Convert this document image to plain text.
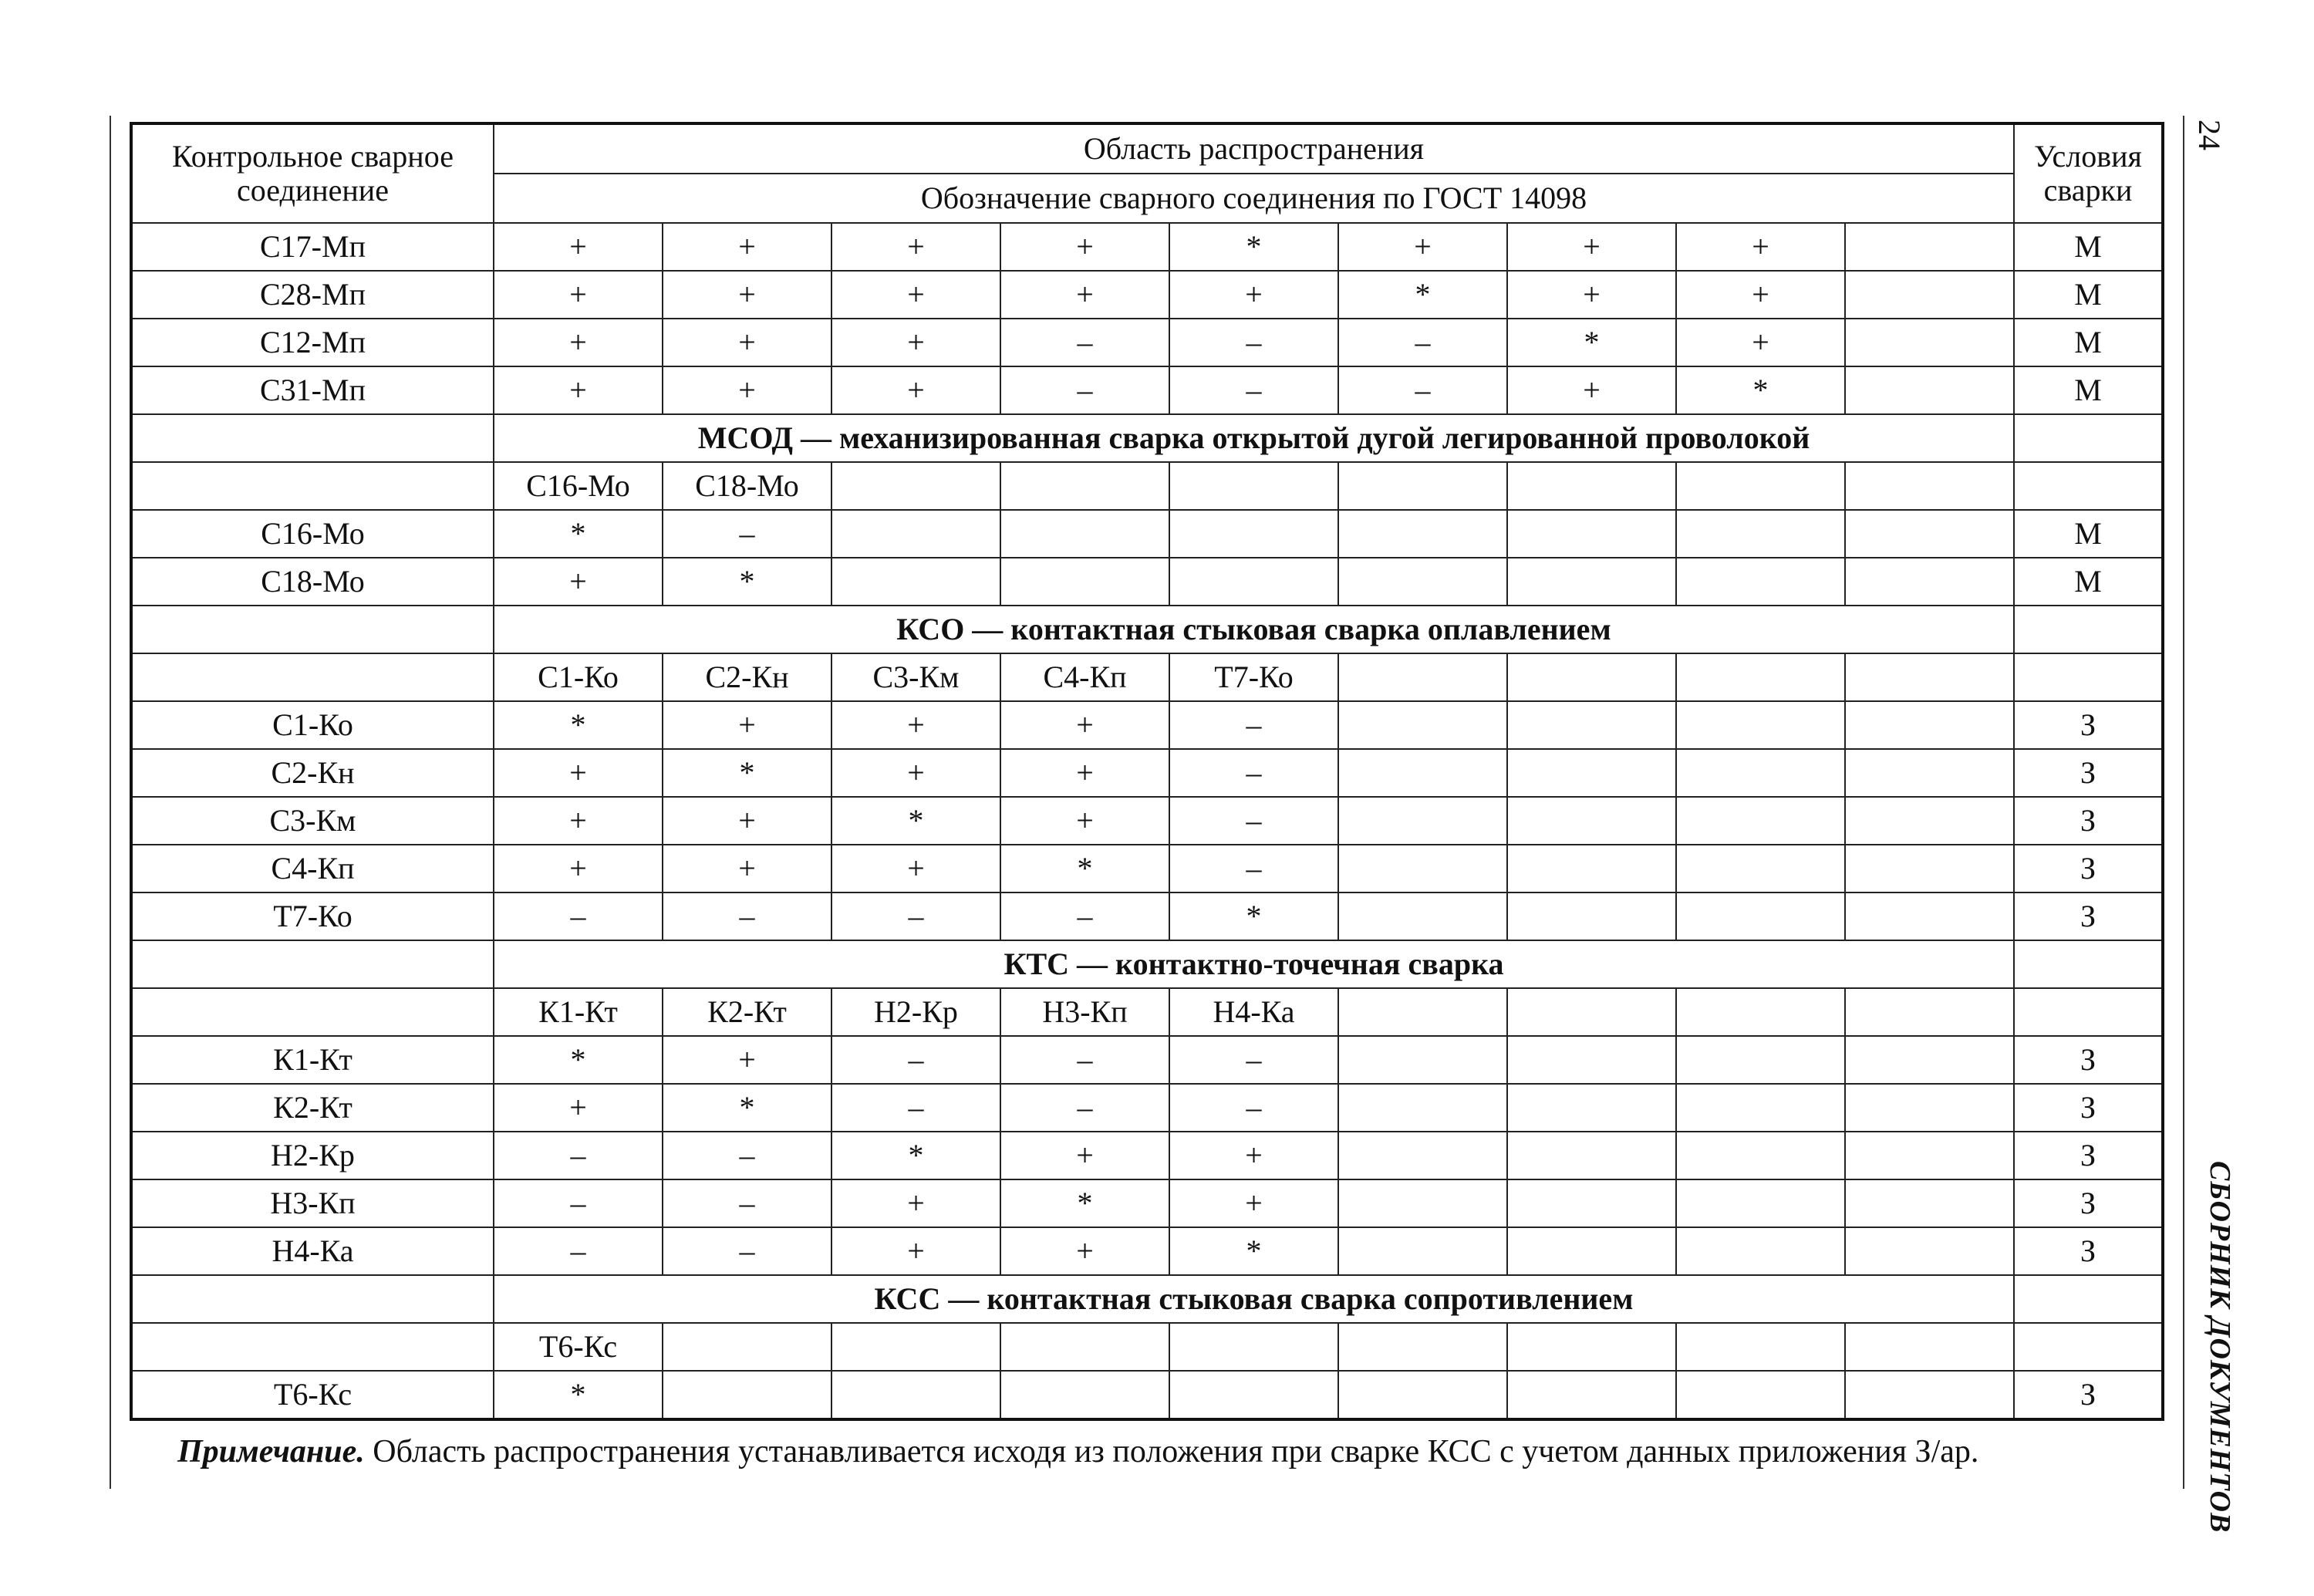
24
СБОРНИК ДОКУМЕНТОВ
Контрольное сварное соединение	Область распространения									Условия сварки
	Обозначение сварного соединения по ГОСТ 14098									
С17-Мп	+	+	+	+	*	+	+	+		М
С28-Мп	+	+	+	+	+	*	+	+		М
С12-Мп	+	+	+	–	–	–	*	+		М
С31-Мп	+	+	+	–	–	–	+	*		М
	МСОД — механизированная сварка открытой дугой легированной проволокой									
	С16-Мо	С18-Мо								
С16-Мо	*	–								М
С18-Мо	+	*								М
	КСО — контактная стыковая сварка оплавлением									
	С1-Ко	С2-Кн	С3-Км	С4-Кп	Т7-Ко					
С1-Ко	*	+	+	+	–					З
С2-Кн	+	*	+	+	–					З
С3-Км	+	+	*	+	–					З
С4-Кп	+	+	+	*	–					З
Т7-Ко	–	–	–	–	*					З
	КТС — контактно-точечная сварка									
	К1-Кт	К2-Кт	Н2-Кр	Н3-Кп	Н4-Ка					
К1-Кт	*	+	–	–	–					З
К2-Кт	+	*	–	–	–					З
Н2-Кр	–	–	*	+	+					З
Н3-Кп	–	–	+	*	+					З
Н4-Ка	–	–	+	+	*					З
	КСС — контактная стыковая сварка сопротивлением									
	Т6-Кс									
Т6-Кс	*									З
Примечание. Область распространения устанавливается исходя из положения при сварке КСС с учетом данных приложения З/ар.
